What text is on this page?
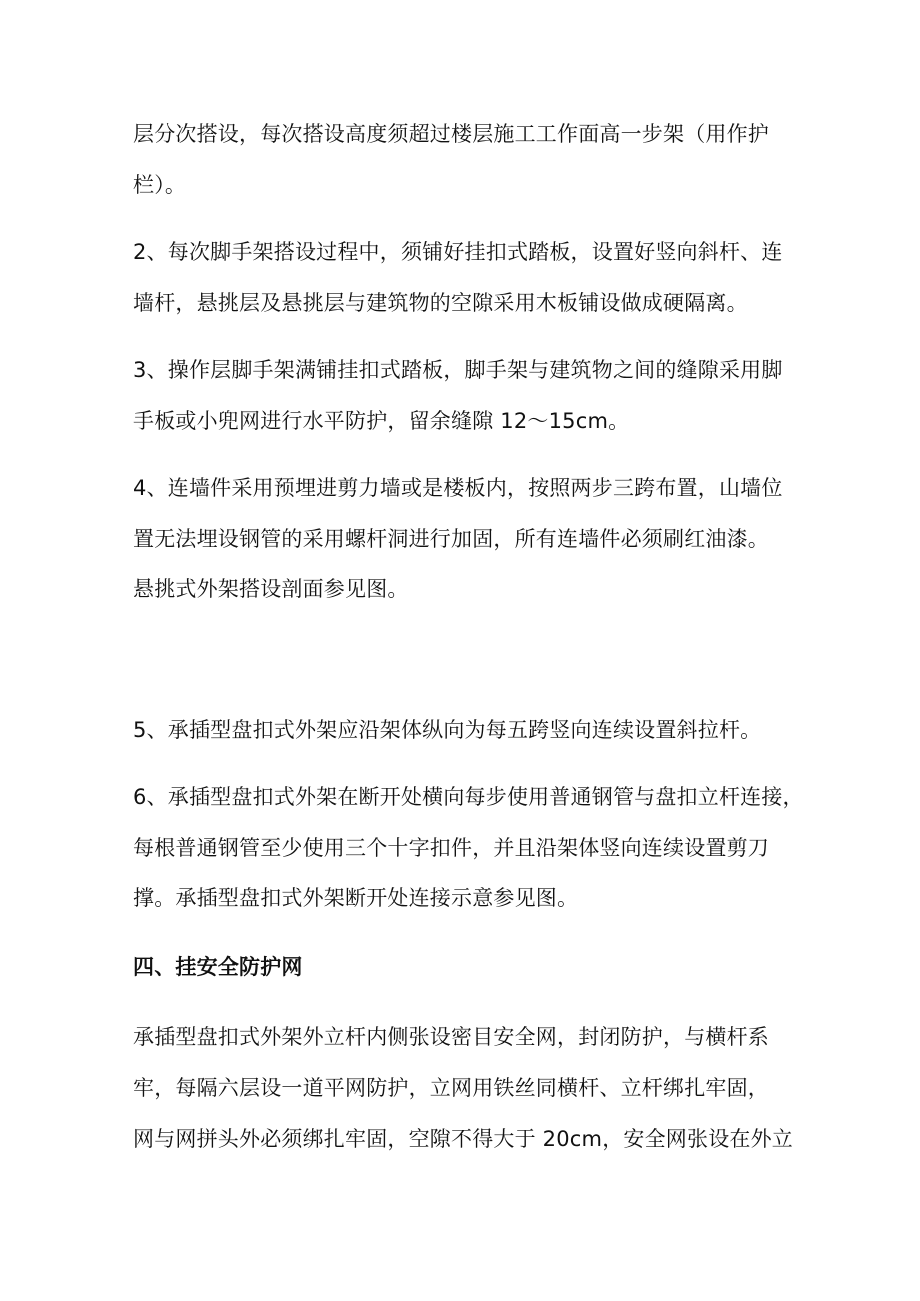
层分次搭设，每次搭设高度须超过楼层施工工作面高一步架（用作护
栏）。
2、每次脚手架搭设过程中，须铺好挂扣式踏板，设置好竖向斜杆、连
墙杆，悬挑层及悬挑层与建筑物的空隙采用木板铺设做成硬隔离。
3、操作层脚手架满铺挂扣式踏板，脚手架与建筑物之间的缝隙采用脚
手板或小兜网进行水平防护，留余缝隙 12～15cm。
4、连墙件采用预埋进剪力墙或是楼板内，按照两步三跨布置，山墙位
置无法埋设钢管的采用螺杆洞进行加固，所有连墙件必须刷红油漆。
悬挑式外架搭设剖面参见图。
5、承插型盘扣式外架应沿架体纵向为每五跨竖向连续设置斜拉杆。
6、承插型盘扣式外架在断开处横向每步使用普通钢管与盘扣立杆连接，
每根普通钢管至少使用三个十字扣件，并且沿架体竖向连续设置剪刀
撑。承插型盘扣式外架断开处连接示意参见图。
四、挂安全防护网
承插型盘扣式外架外立杆内侧张设密目安全网，封闭防护，与横杆系
牢，每隔六层设一道平网防护，立网用铁丝同横杆、立杆绑扎牢固，
网与网拼头外必须绑扎牢固，空隙不得大于 20cm，安全网张设在外立
